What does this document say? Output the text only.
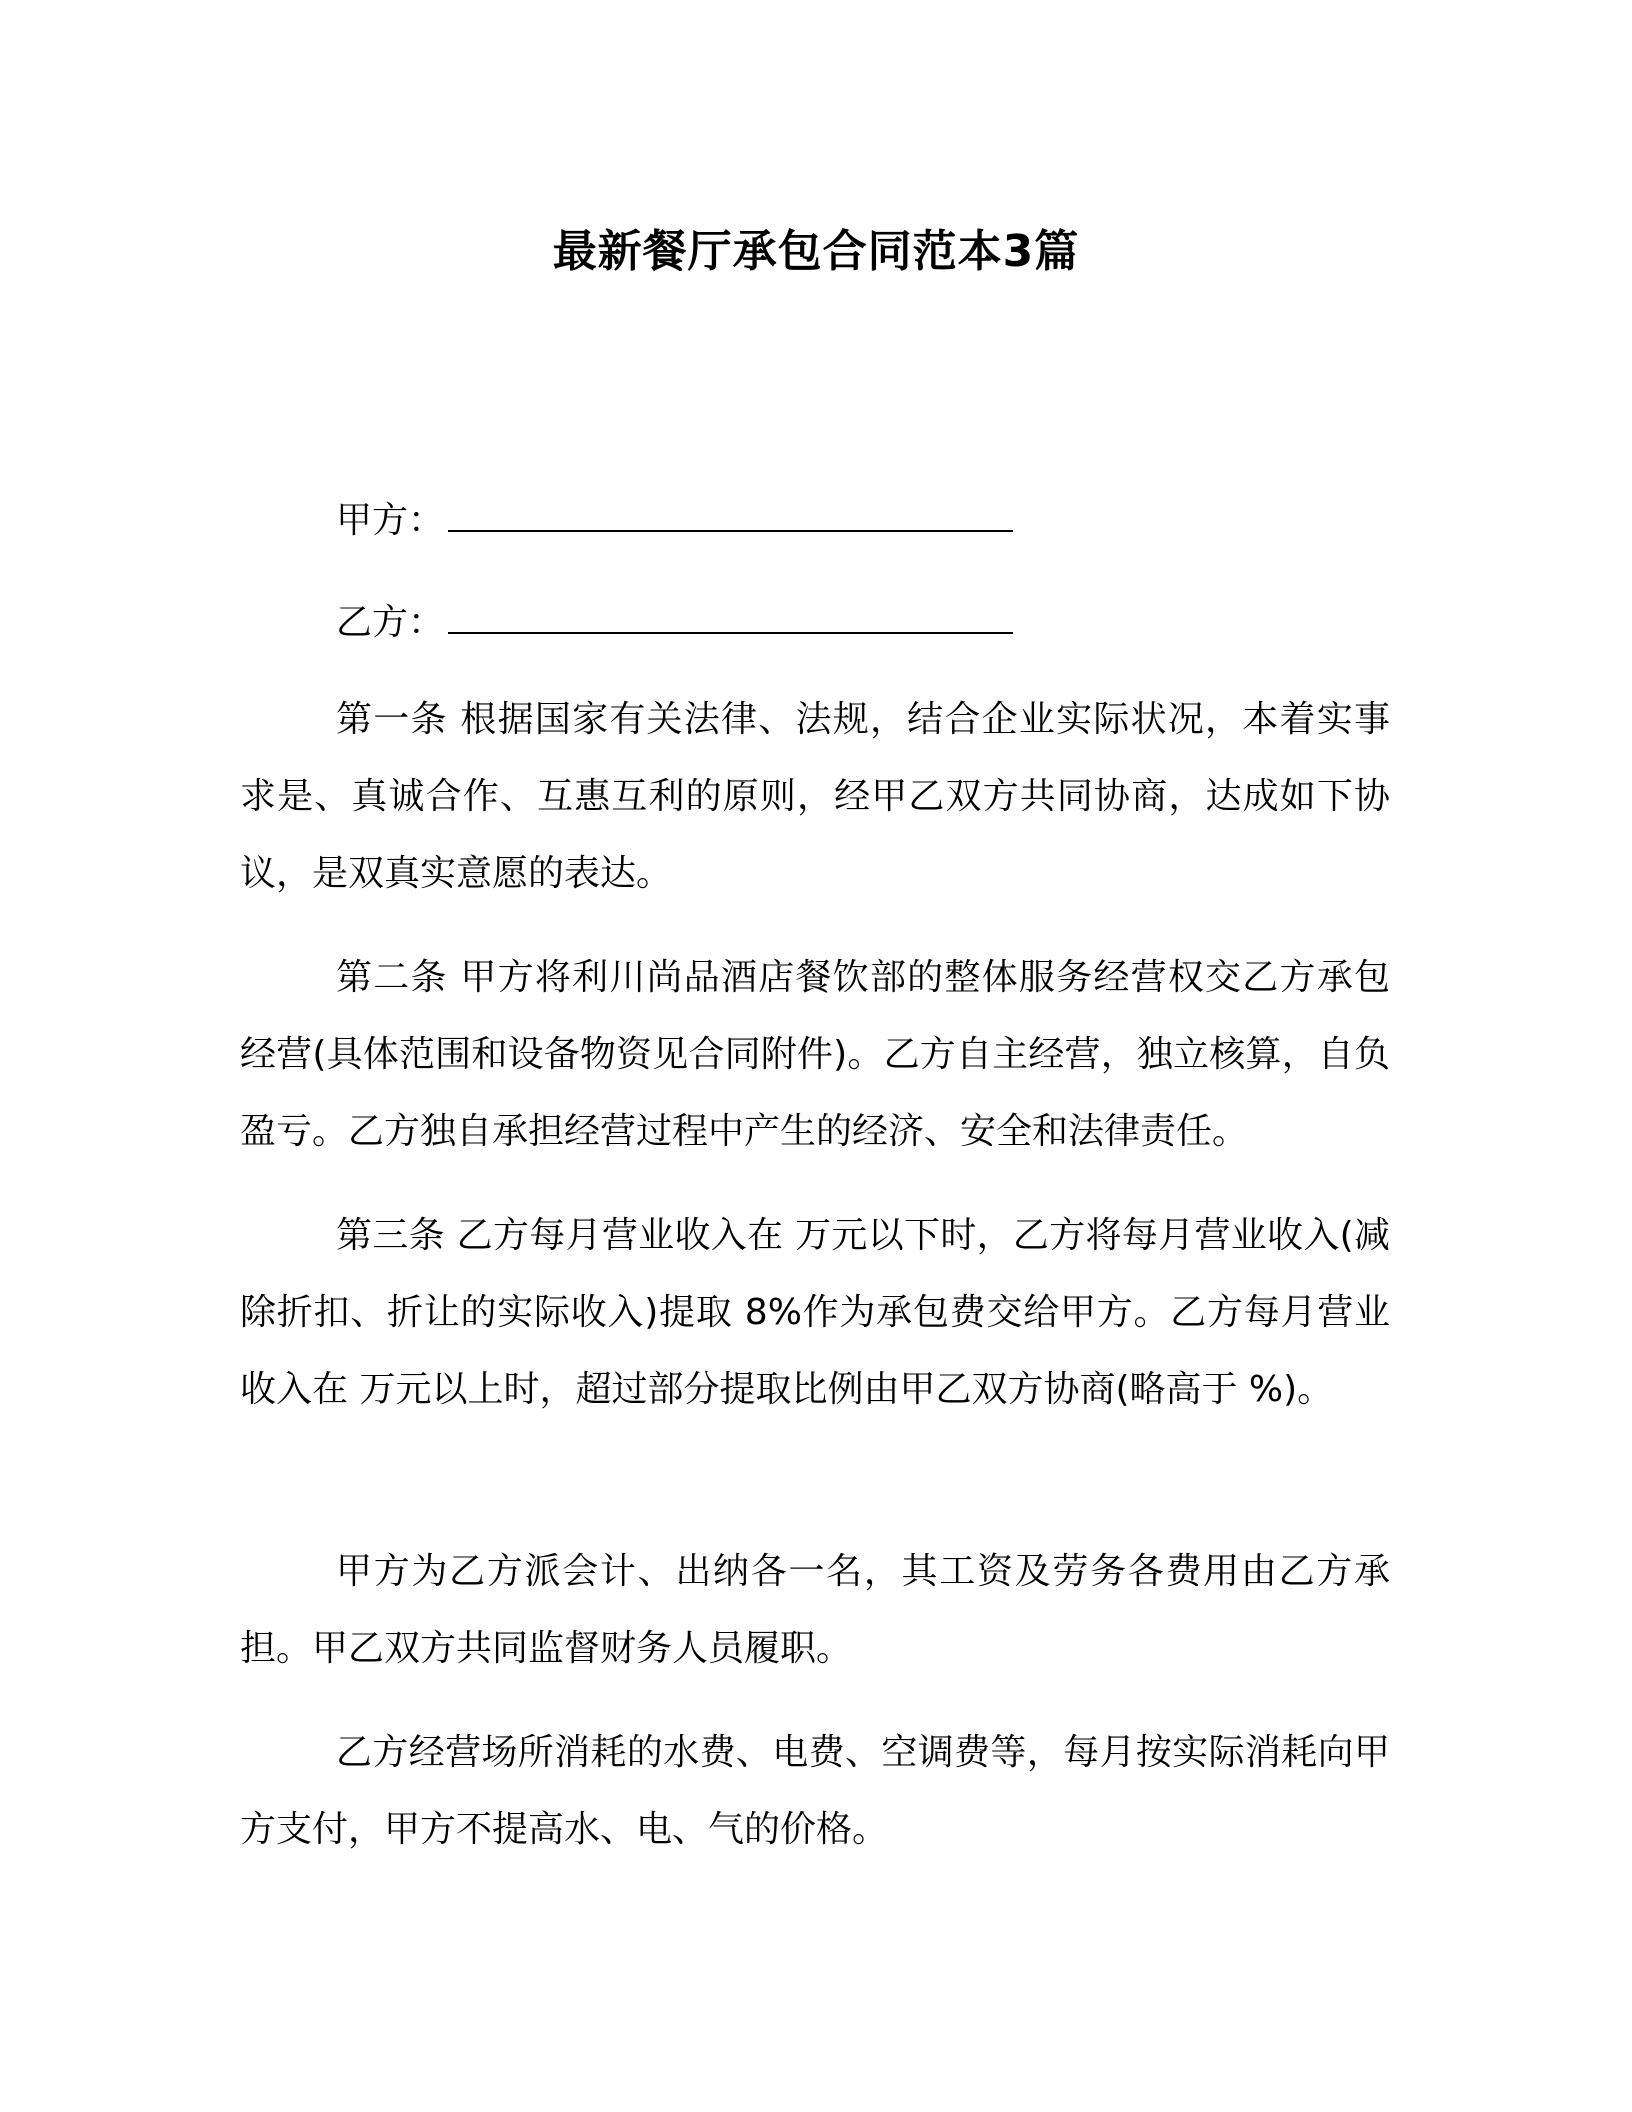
最新餐厅承包合同范本3篇
甲方：
乙方：

第一条 根据国家有关法律、法规，结合企业实际状况，本着实事求是、真诚合作、互惠互利的原则，经甲乙双方共同协商，达成如下协议，是双真实意愿的表达。

第二条 甲方将利川尚品酒店餐饮部的整体服务经营权交乙方承包经营(具体范围和设备物资见合同附件)。乙方自主经营，独立核算，自负盈亏。乙方独自承担经营过程中产生的经济、安全和法律责任。

第三条 乙方每月营业收入在 万元以下时，乙方将每月营业收入(减除折扣、折让的实际收入)提取 8%作为承包费交给甲方。乙方每月营业收入在 万元以上时，超过部分提取比例由甲乙双方协商(略高于 %)。

甲方为乙方派会计、出纳各一名，其工资及劳务各费用由乙方承担。甲乙双方共同监督财务人员履职。

乙方经营场所消耗的水费、电费、空调费等，每月按实际消耗向甲方支付，甲方不提高水、电、气的价格。
